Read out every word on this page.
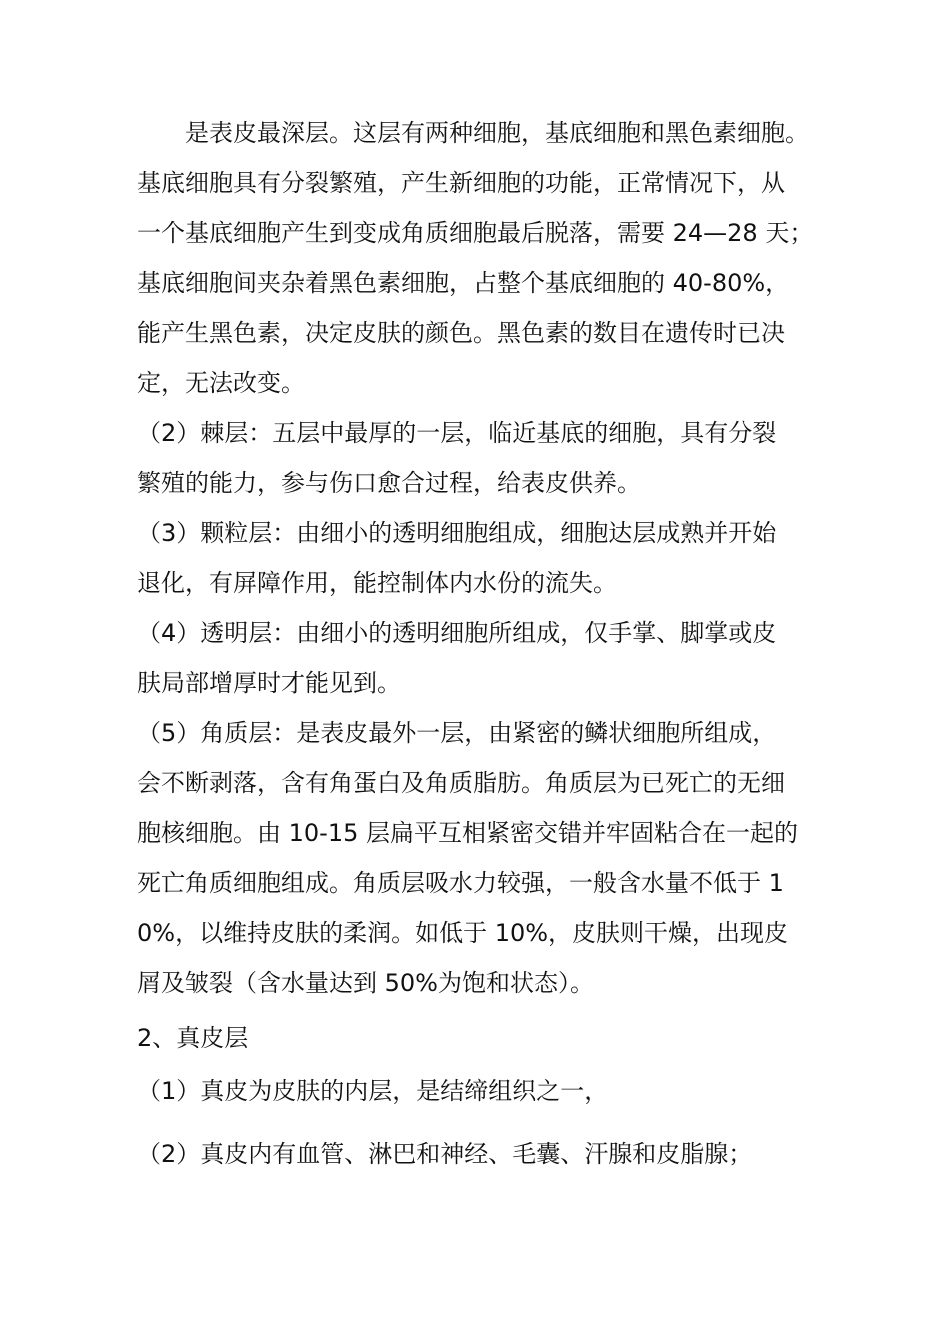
　　是表皮最深层。这层有两种细胞，基底细胞和黑色素细胞。
基底细胞具有分裂繁殖，产生新细胞的功能，正常情况下，从
一个基底细胞产生到变成角质细胞最后脱落，需要 24—28 天；
基底细胞间夹杂着黑色素细胞，占整个基底细胞的 40-80%，
能产生黑色素，决定皮肤的颜色。黑色素的数目在遗传时已决
定，无法改变。
（2）棘层：五层中最厚的一层，临近基底的细胞，具有分裂
繁殖的能力，参与伤口愈合过程，给表皮供养。
（3）颗粒层：由细小的透明细胞组成，细胞达层成熟并开始
退化，有屏障作用，能控制体内水份的流失。
（4）透明层：由细小的透明细胞所组成，仅手掌、脚掌或皮
肤局部增厚时才能见到。
（5）角质层：是表皮最外一层，由紧密的鳞状细胞所组成，
会不断剥落，含有角蛋白及角质脂肪。角质层为已死亡的无细
胞核细胞。由 10-15 层扁平互相紧密交错并牢固粘合在一起的
死亡角质细胞组成。角质层吸水力较强，一般含水量不低于 1
0%，以维持皮肤的柔润。如低于 10%，皮肤则干燥，出现皮
屑及皱裂（含水量达到 50%为饱和状态）。
2、真皮层
（1）真皮为皮肤的内层，是结缔组织之一，
（2）真皮内有血管、淋巴和神经、毛囊、汗腺和皮脂腺；
